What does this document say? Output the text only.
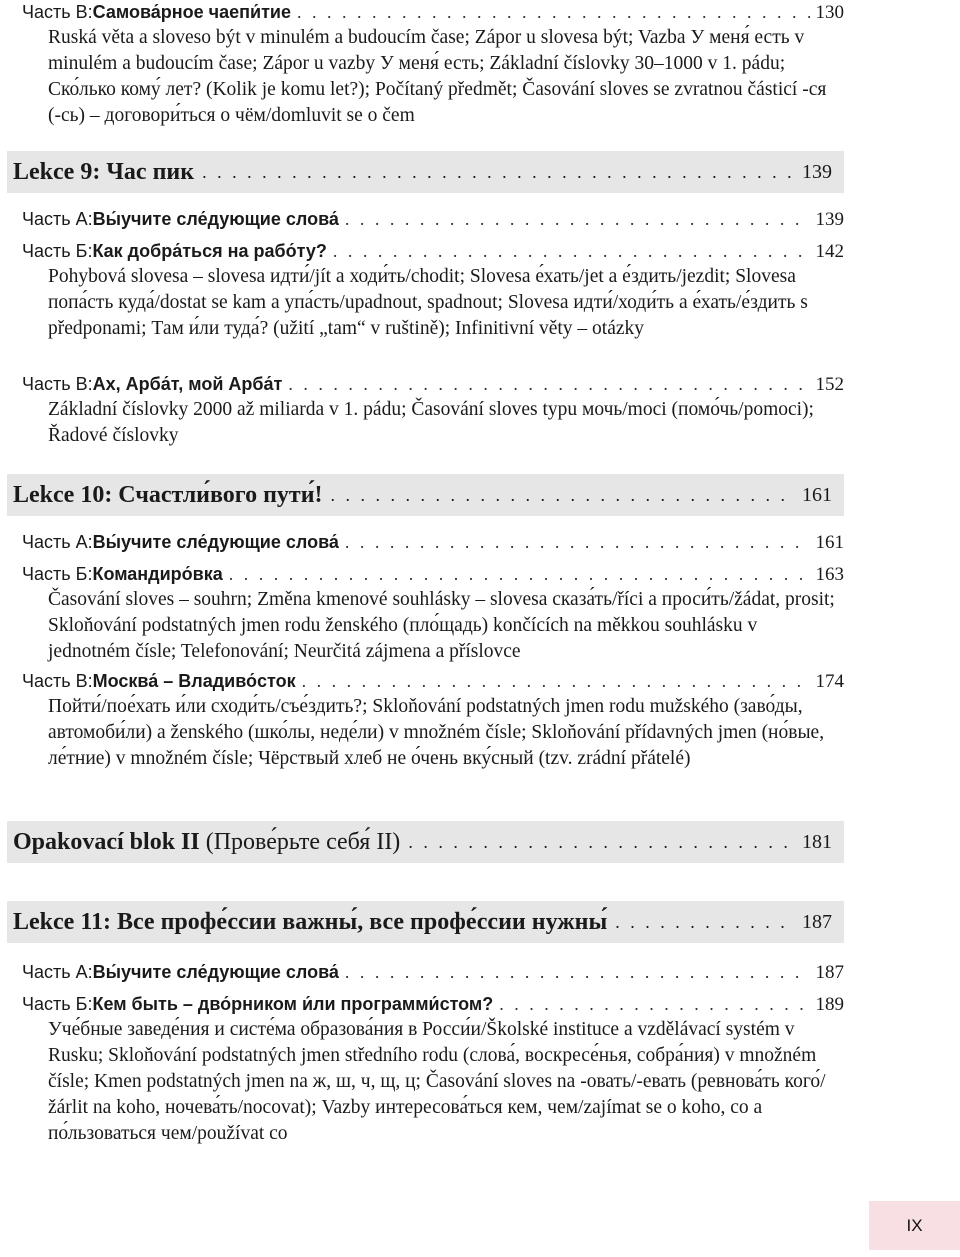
Часть В: Самова́рное чаепи́тие . . .	130
Ruská věta a sloveso být v minulém a budoucím čase; Zápor u slovesa být; Vazba У меня́ есть v minulém a budoucím čase; Zápor u vazby У меня́ есть; Základní číslovky 30–1000 v 1. pádu; Ско́лько кому́ лет? (Kolik je komu let?); Počítaný předmět; Časování sloves se zvratnou částicí -ся (-сь) – договори́ться о чём/domluvit se o čem
Lekce 9: Час пик . . .	139
Часть А: Вы́учите сле́дующие слова́ . . .	139
Часть Б: Как добра́ться на рабо́ту? . . .	142
Pohybová slovesa – slovesa идти́/jít a ходи́ть/chodit; Slovesa е́хать/jet a е́здить/jezdit; Slovesa попа́сть куда́/dostat se kam a упа́сть/upadnout, spadnout; Slovesa идти́/ходи́ть a е́хать/е́здить s předponami; Там и́ли туда́? (užití „tam“ v ruštině); Infinitivní věty – otázky
Часть В: Ах, Арба́т, мой Арба́т . . .	152
Základní číslovky 2000 až miliarda v 1. pádu; Časování sloves typu мочь/moci (помо́чь/pomoci); Řadové číslovky
Lekce 10: Счастли́вого пути́! . . .	161
Часть А: Вы́учите сле́дующие слова́ . . .	161
Часть Б: Командиро́вка . . .	163
Časování sloves – souhrn; Změna kmenové souhlásky – slovesa сказа́ть/říci a проси́ть/žádat, prosit; Skloňování podstatných jmen rodu ženského (пло́щадь) končících na měkkou souhlásku v jednotném čísle; Telefonování; Neurčitá zájmena a příslovce
Часть В: Москва́ – Владиво́сток . . .	174
Пойти́/пое́хать и́ли сходи́ть/съе́здить?; Skloňování podstatných jmen rodu mužského (заво́ды, автомоби́ли) a ženského (шко́лы, неде́ли) v množném čísle; Skloňování přídavných jmen (но́вые, ле́тние) v množném čísle; Чёрствый хлеб не о́чень вку́сный (tzv. zrádní přátelé)
Opakovací blok II (Прове́рьте себя́ II) . . .	181
Lekce 11: Все профе́ссии важны́, все профе́ссии нужны́ . . .	187
Часть А: Вы́учите сле́дующие слова́ . . .	187
Часть Б: Кем быть – дво́рником и́ли программи́стом? . . .	189
Уче́бные заведе́ния и систе́ма образова́ния в Росси́и/Školské instituce a vzdělávací systém v Rusku; Skloňování podstatných jmen středního rodu (слова́, воскресе́нья, собра́ния) v množném čísle; Kmen podstatných jmen na ж, ш, ч, щ, ц; Časování sloves na -овать/-евать (ревнова́ть кого́/žárlit na koho, ночева́ть/nocovat); Vazby интересова́ться кем, чем/zajímat se o koho, co a по́льзоваться чем/používat co
IX
